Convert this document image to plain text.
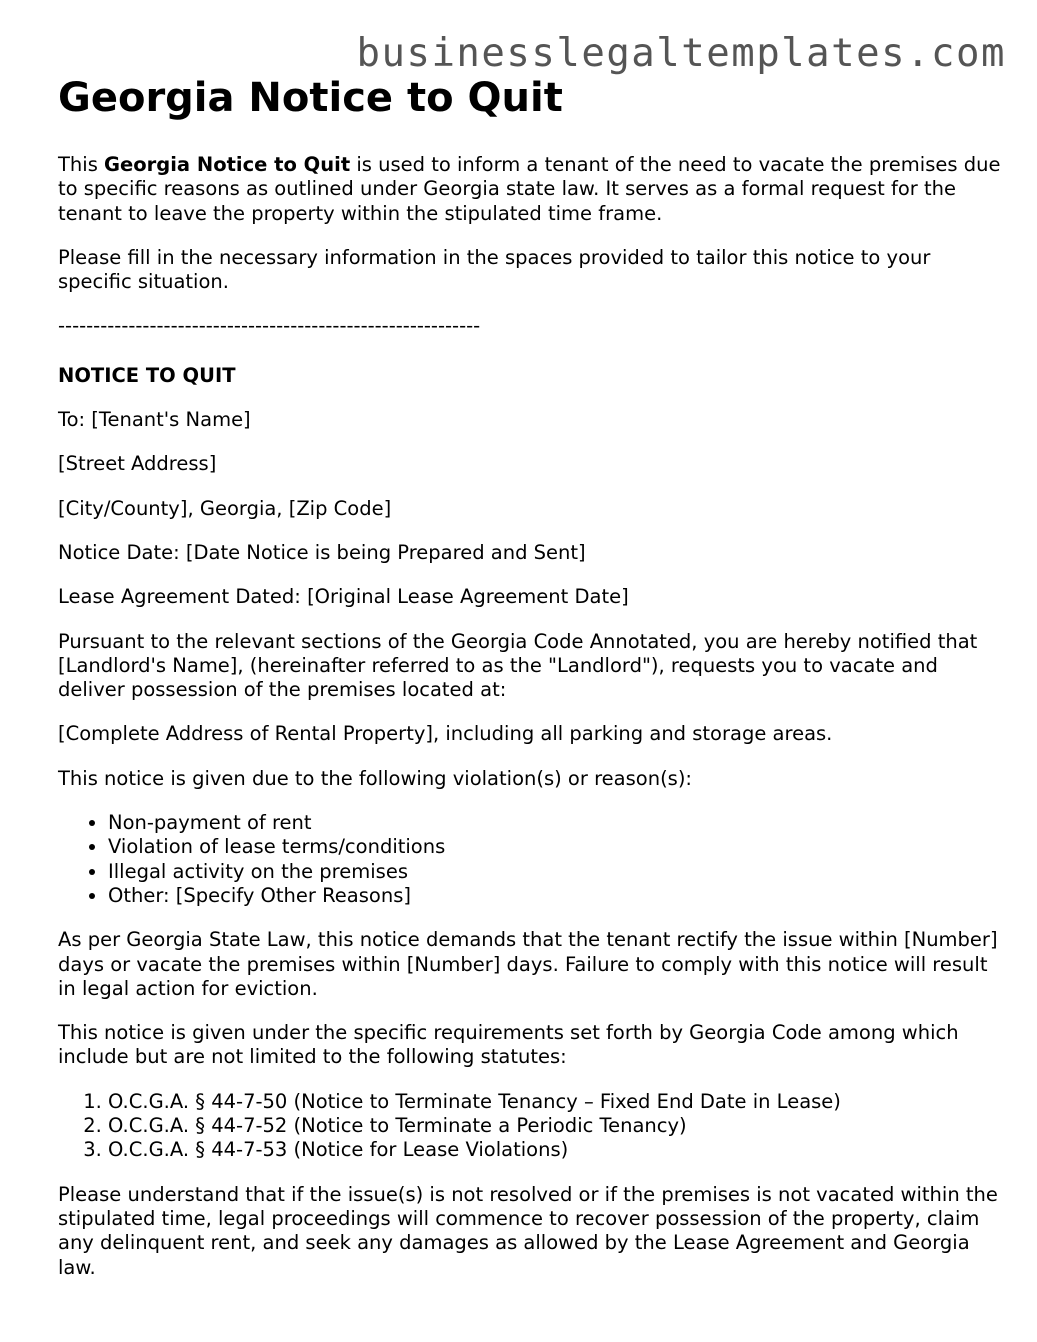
businesslegaltemplates.com
Georgia Notice to Quit

This Georgia Notice to Quit is used to inform a tenant of the need to vacate the premises due to specific reasons as outlined under Georgia state law. It serves as a formal request for the tenant to leave the property within the stipulated time frame.

Please fill in the necessary information in the spaces provided to tailor this notice to your specific situation.

------------------------------------------------------------

NOTICE TO QUIT

To: [Tenant's Name]

[Street Address]

[City/County], Georgia, [Zip Code]

Notice Date: [Date Notice is being Prepared and Sent]

Lease Agreement Dated: [Original Lease Agreement Date]

Pursuant to the relevant sections of the Georgia Code Annotated, you are hereby notified that [Landlord's Name], (hereinafter referred to as the "Landlord"), requests you to vacate and deliver possession of the premises located at:

[Complete Address of Rental Property], including all parking and storage areas.

This notice is given due to the following violation(s) or reason(s):

• Non-payment of rent
• Violation of lease terms/conditions
• Illegal activity on the premises
• Other: [Specify Other Reasons]

As per Georgia State Law, this notice demands that the tenant rectify the issue within [Number] days or vacate the premises within [Number] days. Failure to comply with this notice will result in legal action for eviction.

This notice is given under the specific requirements set forth by Georgia Code among which include but are not limited to the following statutes:

1. O.C.G.A. § 44-7-50 (Notice to Terminate Tenancy – Fixed End Date in Lease)
2. O.C.G.A. § 44-7-52 (Notice to Terminate a Periodic Tenancy)
3. O.C.G.A. § 44-7-53 (Notice for Lease Violations)

Please understand that if the issue(s) is not resolved or if the premises is not vacated within the stipulated time, legal proceedings will commence to recover possession of the property, claim any delinquent rent, and seek any damages as allowed by the Lease Agreement and Georgia law.
